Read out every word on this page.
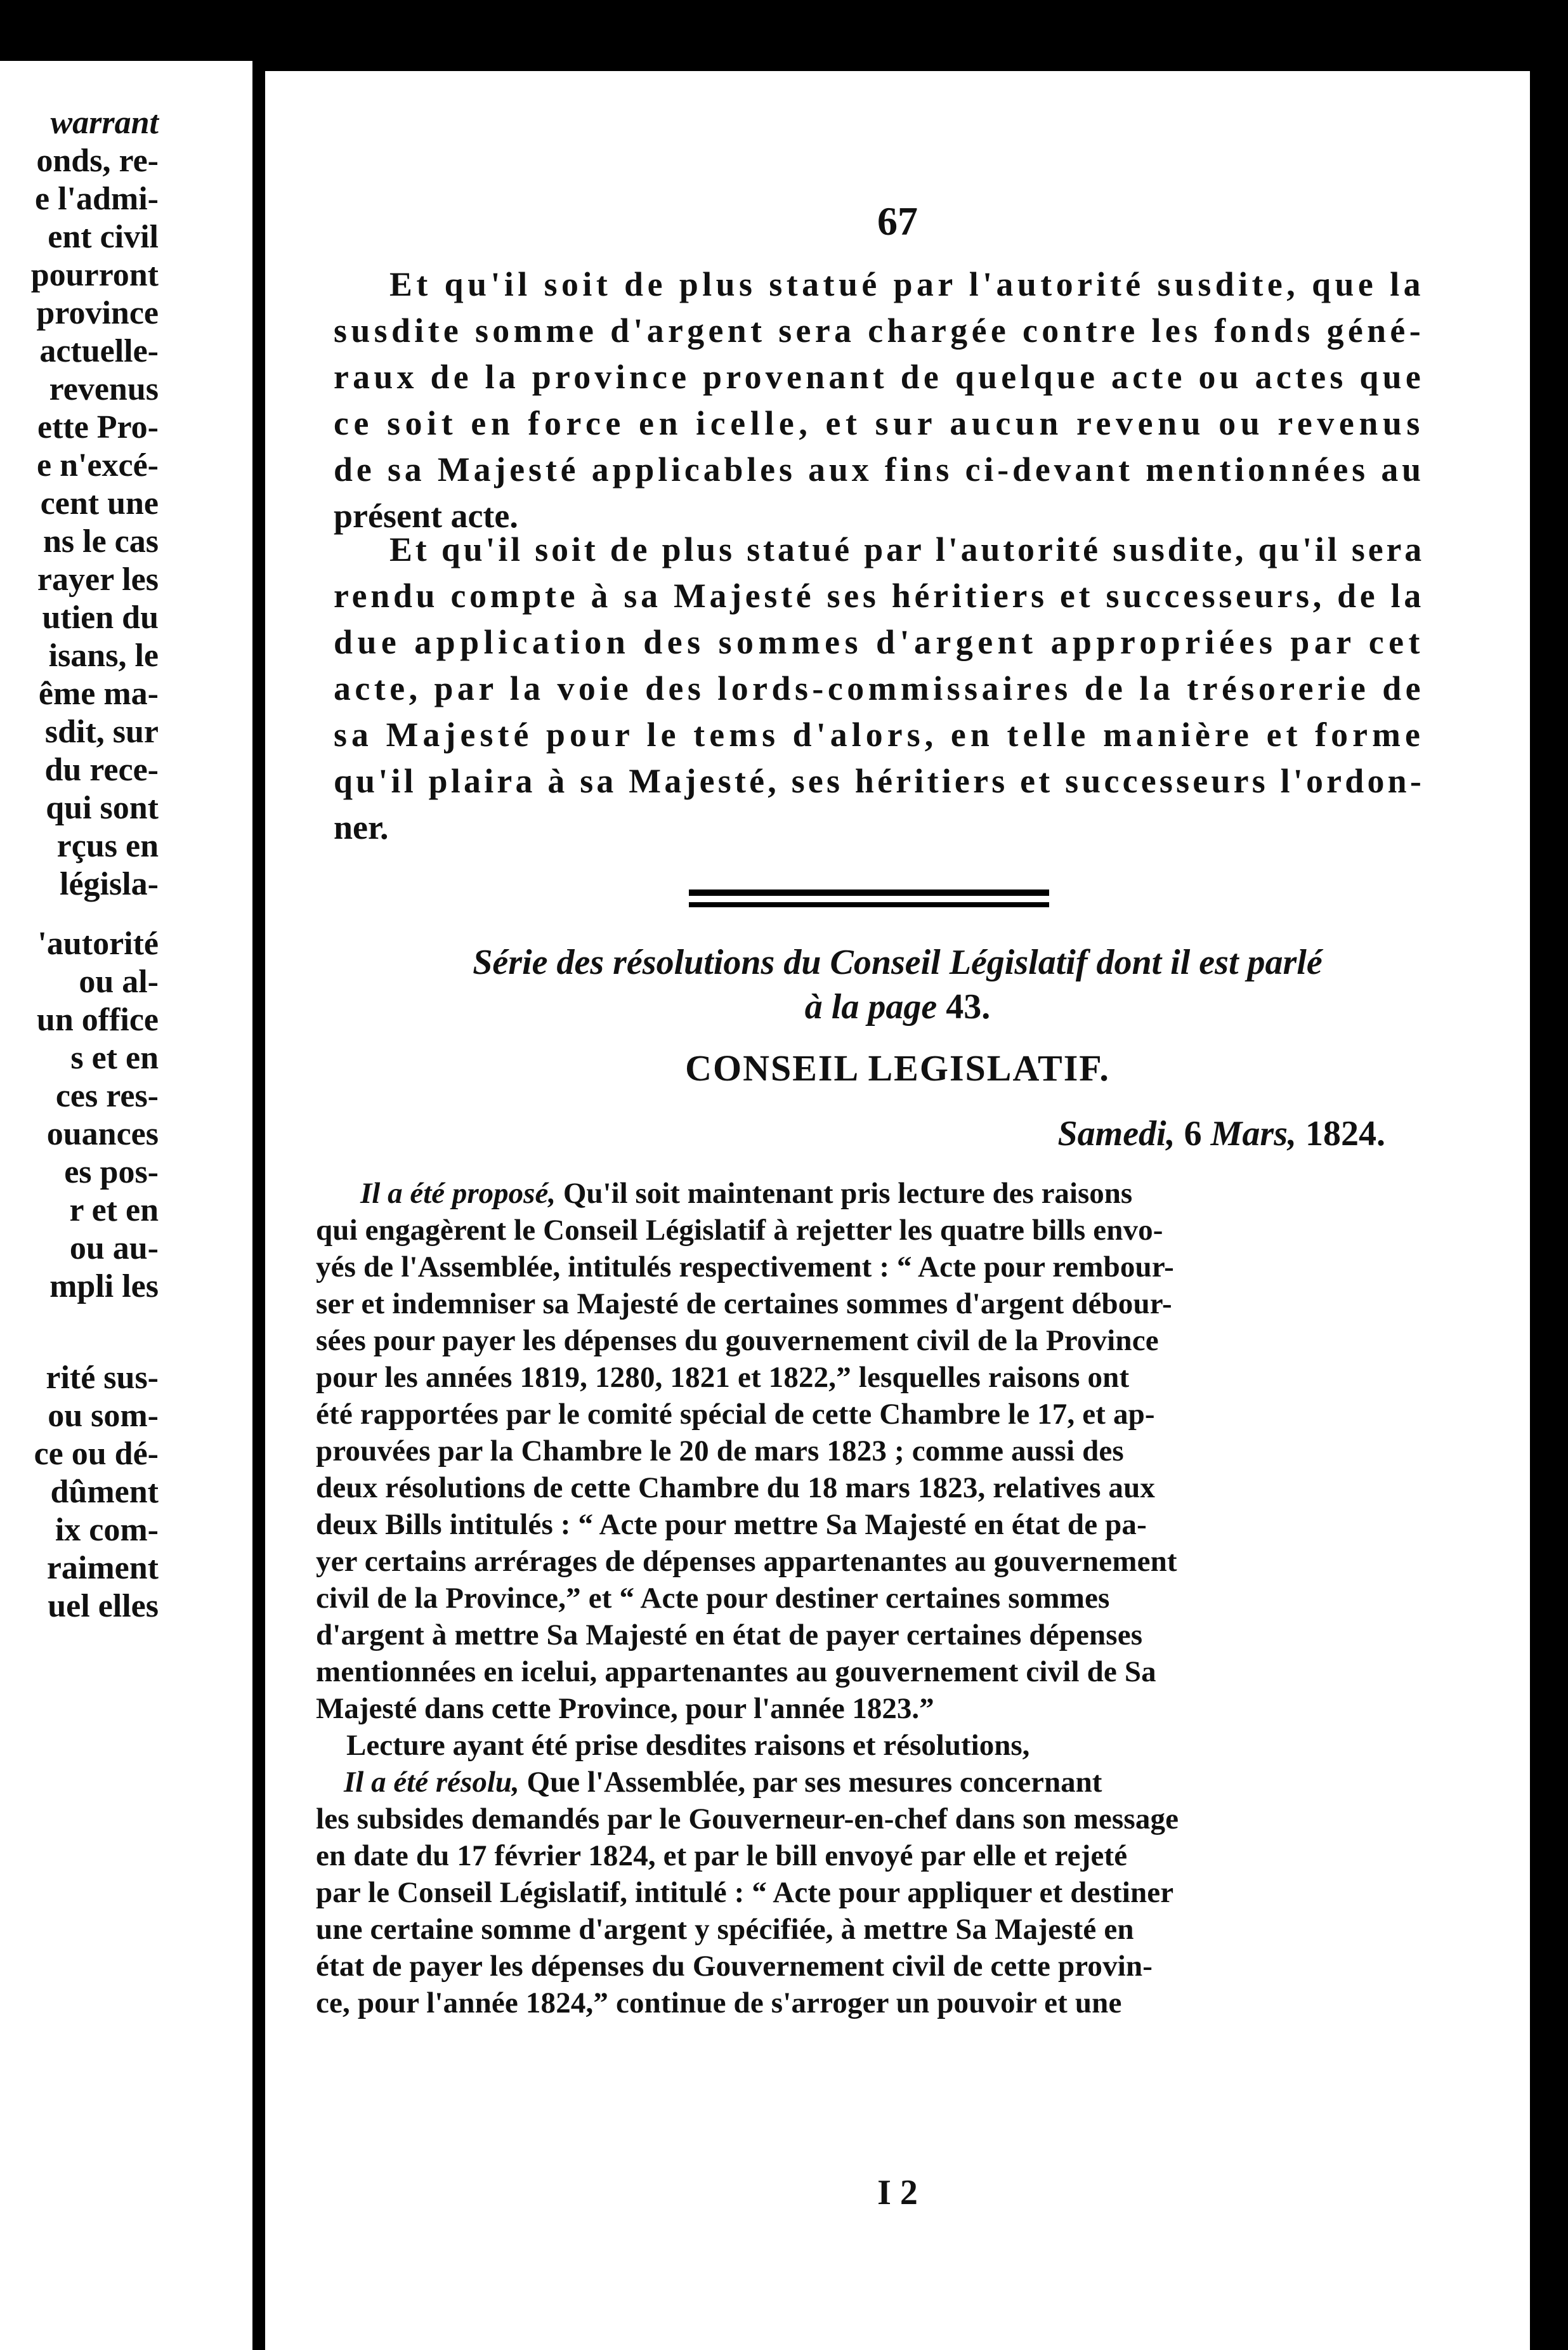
warrant

onds, re-

e l'admi-

ent civil

pourront

province

actuelle-

revenus

ette Pro-

e n'excé-

cent une

ns le cas

rayer les

utien du

isans, le

ême ma-

sdit, sur

du rece-

qui sont

rçus en

législa-

'autorité

ou al-

un office

s et en

ces res-

ouances

es pos-

r et en

ou au-

mpli les

rité sus-

ou som-

ce ou dé-

dûment

ix com-

raiment

uel elles

67

Et qu'il soit de plus statué par l'autorité susdite, que la

susdite somme d'argent sera chargée contre les fonds géné-

raux de la province provenant de quelque acte ou actes que

ce soit en force en icelle, et sur aucun revenu ou revenus

de sa Majesté applicables aux fins ci-devant mentionnées au

présent acte.

Et qu'il soit de plus statué par l'autorité susdite, qu'il sera

rendu compte à sa Majesté ses héritiers et successeurs, de la

due application des sommes d'argent appropriées par cet

acte, par la voie des lords-commissaires de la trésorerie de

sa Majesté pour le tems d'alors, en telle manière et forme

qu'il plaira à sa Majesté, ses héritiers et successeurs l'ordon-

ner.

Série des résolutions du Conseil Législatif dont il est parlé
à la page 43.
CONSEIL LEGISLATIF.
Samedi, 6 Mars, 1824.

Il a été proposé, Qu'il soit maintenant pris lecture des raisons

qui engagèrent le Conseil Législatif à rejetter les quatre bills envo-

yés de l'Assemblée, intitulés respectivement : “ Acte pour rembour-

ser et indemniser sa Majesté de certaines sommes d'argent débour-

sées pour payer les dépenses du gouvernement civil de la Province

pour les années 1819, 1280, 1821 et 1822,” lesquelles raisons ont

été rapportées par le comité spécial de cette Chambre le 17, et ap-

prouvées par la Chambre le 20 de mars 1823 ; comme aussi des

deux résolutions de cette Chambre du 18 mars 1823, relatives aux

deux Bills intitulés : “ Acte pour mettre Sa Majesté en état de pa-

yer certains arrérages de dépenses appartenantes au gouvernement

civil de la Province,” et “ Acte pour destiner certaines sommes

d'argent à mettre Sa Majesté en état de payer certaines dépenses

mentionnées en icelui, appartenantes au gouvernement civil de Sa

Majesté dans cette Province, pour l'année 1823.”

Lecture ayant été prise desdites raisons et résolutions,

Il a été résolu, Que l'Assemblée, par ses mesures concernant

les subsides demandés par le Gouverneur-en-chef dans son message

en date du 17 février 1824, et par le bill envoyé par elle et rejeté

par le Conseil Législatif, intitulé : “ Acte pour appliquer et destiner

une certaine somme d'argent y spécifiée, à mettre Sa Majesté en

état de payer les dépenses du Gouvernement civil de cette provin-

ce, pour l'année 1824,” continue de s'arroger un pouvoir et une

I 2
